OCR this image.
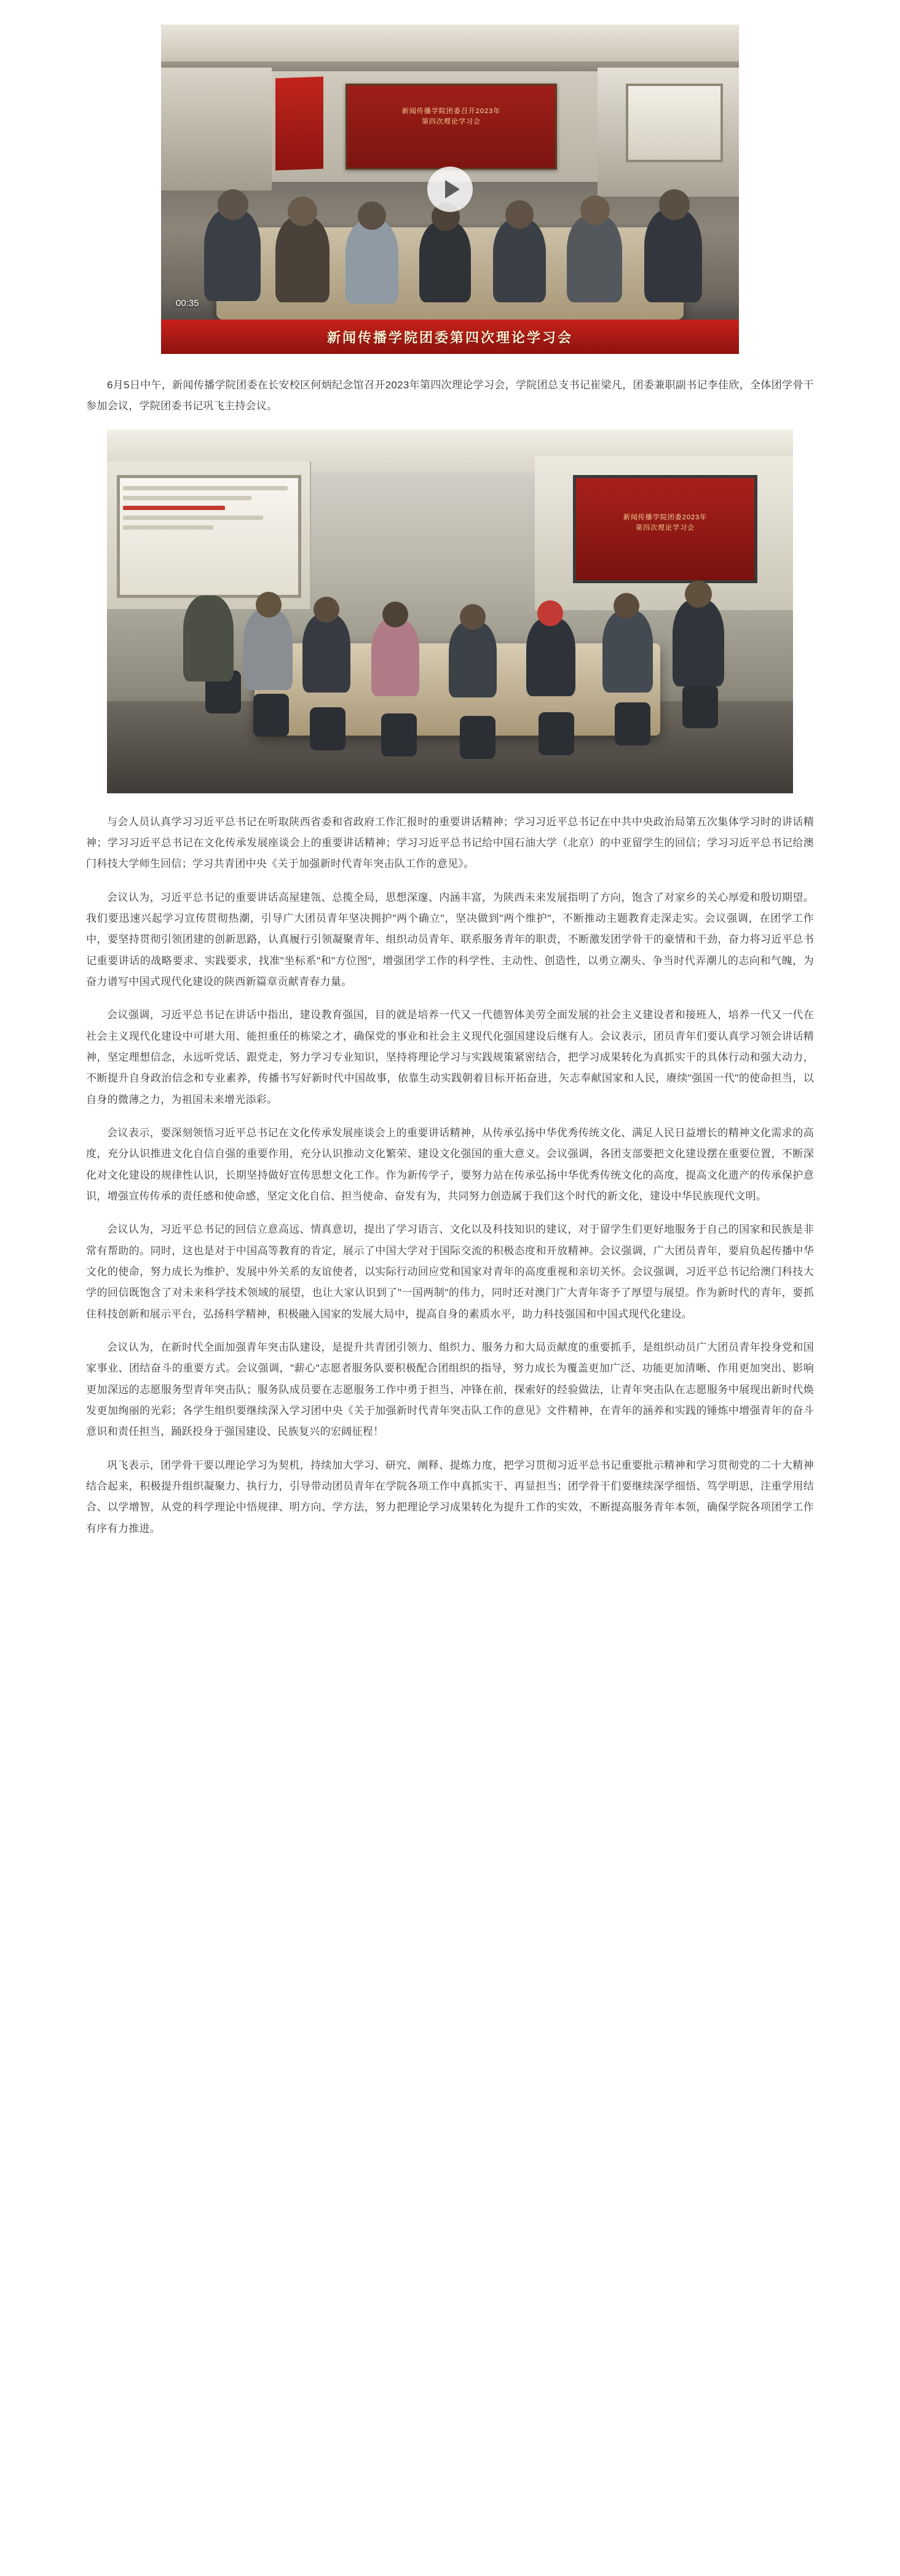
新闻传播学院团委召开2023年
第四次理论学习会
00:35
新闻传播学院团委第四次理论学习会

6月5日中午，新闻传播学院团委在长安校区何炳纪念馆召开2023年第四次理论学习会，学院团总支书记崔梁凡，团委兼职副书记李佳欣，全体团学骨干参加会议，学院团委书记巩飞主持会议。

新闻传播学院团委2023年
第四次理论学习会

与会人员认真学习习近平总书记在听取陕西省委和省政府工作汇报时的重要讲话精神；学习习近平总书记在中共中央政治局第五次集体学习时的讲话精神；学习习近平总书记在文化传承发展座谈会上的重要讲话精神；学习习近平总书记给中国石油大学（北京）的中亚留学生的回信；学习习近平总书记给澳门科技大学师生回信；学习共青团中央《关于加强新时代青年突击队工作的意见》。

会议认为，习近平总书记的重要讲话高屋建瓴、总揽全局，思想深邃、内涵丰富，为陕西未来发展指明了方向，饱含了对家乡的关心厚爱和殷切期望。我们要迅速兴起学习宣传贯彻热潮，引导广大团员青年坚决拥护"两个确立"，坚决做到"两个维护"，不断推动主题教育走深走实。会议强调，在团学工作中，要坚持贯彻引领团建的创新思路，认真履行引领凝聚青年、组织动员青年、联系服务青年的职责，不断激发团学骨干的豪情和干劲，奋力将习近平总书记重要讲话的战略要求、实践要求，找准"坐标系"和"方位图"，增强团学工作的科学性、主动性、创造性，以勇立潮头、争当时代弄潮儿的志向和气魄，为奋力谱写中国式现代化建设的陕西新篇章贡献青春力量。

会议强调，习近平总书记在讲话中指出，建设教育强国，目的就是培养一代又一代德智体美劳全面发展的社会主义建设者和接班人，培养一代又一代在社会主义现代化建设中可堪大用、能担重任的栋梁之才，确保党的事业和社会主义现代化强国建设后继有人。会议表示，团员青年们要认真学习领会讲话精神，坚定理想信念，永远听党话、跟党走，努力学习专业知识，坚持将理论学习与实践规策紧密结合，把学习成果转化为真抓实干的具体行动和强大动力，不断提升自身政治信念和专业素养，传播书写好新时代中国故事，依靠生动实践朝着目标开拓奋进，矢志奉献国家和人民，赓续"强国一代"的使命担当，以自身的微薄之力，为祖国未来增光添彩。

会议表示，要深刻领悟习近平总书记在文化传承发展座谈会上的重要讲话精神，从传承弘扬中华优秀传统文化、满足人民日益增长的精神文化需求的高度，充分认识推进文化自信自强的重要作用，充分认识推动文化繁荣、建设文化强国的重大意义。会议强调，各团支部要把文化建设摆在重要位置，不断深化对文化建设的规律性认识，长期坚持做好宣传思想文化工作。作为新传学子，要努力站在传承弘扬中华优秀传统文化的高度，提高文化遗产的传承保护意识，增强宣传传承的责任感和使命感，坚定文化自信、担当使命、奋发有为，共同努力创造属于我们这个时代的新文化，建设中华民族现代文明。

会议认为，习近平总书记的回信立意高远、情真意切，提出了学习语言、文化以及科技知识的建议，对于留学生们更好地服务于自己的国家和民族是非常有帮助的。同时，这也是对于中国高等教育的肯定，展示了中国大学对于国际交流的积极态度和开放精神。会议强调，广大团员青年，要肩负起传播中华文化的使命，努力成长为维护、发展中外关系的友谊使者，以实际行动回应党和国家对青年的高度重视和亲切关怀。会议强调，习近平总书记给澳门科技大学的回信既饱含了对未来科学技术领域的展望，也让大家认识到了"一国两制"的伟力，同时还对澳门广大青年寄予了厚望与展望。作为新时代的青年，要抓住科技创新和展示平台，弘扬科学精神，积极融入国家的发展大局中，提高自身的素质水平，助力科技强国和中国式现代化建设。

会议认为，在新时代全面加强青年突击队建设，是提升共青团引领力、组织力、服务力和大局贡献度的重要抓手，是组织动员广大团员青年投身党和国家事业、团结奋斗的重要方式。会议强调，"薪心"志愿者服务队要积极配合团组织的指导，努力成长为覆盖更加广泛、功能更加清晰、作用更加突出、影响更加深远的志愿服务型青年突击队；服务队成员要在志愿服务工作中勇于担当、冲锋在前，探索好的经验做法，让青年突击队在志愿服务中展现出新时代焕发更加绚丽的光彩；各学生组织要继续深入学习团中央《关于加强新时代青年突击队工作的意见》文件精神，在青年的涵养和实践的锤炼中增强青年的奋斗意识和责任担当，踊跃投身于强国建设、民族复兴的宏阔征程！

巩飞表示，团学骨干要以理论学习为契机，持续加大学习、研究、阐释、提炼力度，把学习贯彻习近平总书记重要批示精神和学习贯彻党的二十大精神结合起来，积极提升组织凝聚力、执行力，引导带动团员青年在学院各项工作中真抓实干、再显担当；团学骨干们要继续深学细悟、笃学明思，注重学用结合、以学增智，从党的科学理论中悟规律、明方向、学方法，努力把理论学习成果转化为提升工作的实效，不断提高服务青年本领，确保学院各项团学工作有序有力推进。
